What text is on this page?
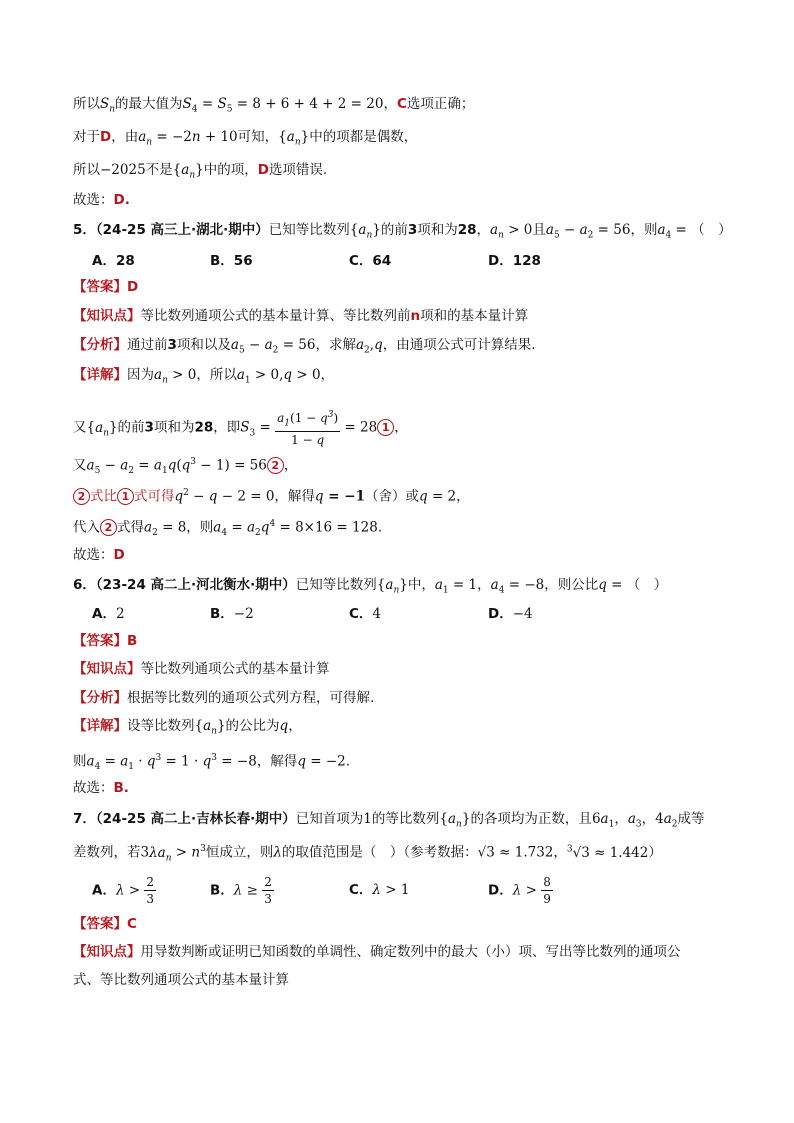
所以$S_n$的最大值为$S_4 = S_5 = 8 + 6 + 4 + 2 = 20$，C选项正确；
对于D，由$a_n = -2n + 10$可知，$\{a_n\}$中的项都是偶数，
所以−2025不是$\{a_n\}$中的项，D选项错误.
故选：D.
5．（24-25 高三上·湖北·期中）已知等比数列$\{a_n\}$的前3项和为28，$a_n > 0$且$a_5 - a_2 = 56$，则$a_4$ = （　）
A．28	B．56	C．64	D．128
【答案】D
【知识点】等比数列通项公式的基本量计算、等比数列前n项和的基本量计算
【分析】通过前3项和以及$a_5 - a_2 = 56$，求解$a_2,q$，由通项公式可计算结果.
【详解】因为$a_n > 0$，所以$a_1 > 0,q > 0$，
又$\{a_n\}$的前3项和为28，即$S_3 = \frac{a_1(1 - q^3)}{1 - q} = 28$ 1 ，
又$a_5 - a_2 = a_1q(q^3 - 1) = 56$ 2 ，
2 式比 1 式可得$q^2 - q - 2 = 0$，解得q = −1（舍）或q = 2，
代入 2 式得$a_2 = 8$，则$a_4 = a_2q^4 = 8\times 16 = 128$.
故选：D
6．（23-24 高二上·河北衡水·期中）已知等比数列$\{a_n\}$中，$a_1 = 1$，$a_4 = -8$，则公比q = （　）
A．2	B．−2	C．4	D．−4
【答案】B
【知识点】等比数列通项公式的基本量计算
【分析】根据等比数列的通项公式列方程，可得解.
【详解】设等比数列$\{a_n\}$的公比为q，
则$a_4 = a_1 \cdot q^3 = 1 \cdot q^3 = -8$，解得q = −2.
故选：B.
7．（24-25 高二上·吉林长春·期中）已知首项为1的等比数列$\{a_n\}$的各项均为正数，且$6a_1$，$a_3$，$4a_2$成等
差数列，若$3\lambda a_n > n^3$恒成立，则λ的取值范围是（　）（参考数据：√3 ≈ 1.732，$^3$√3 ≈ 1.442）
A．$\lambda > \frac{2}{3}$	B．$\lambda \ge \frac{2}{3}$	C．λ > 1	D．$\lambda > \frac{8}{9}$
【答案】C
【知识点】用导数判断或证明已知函数的单调性、确定数列中的最大（小）项、写出等比数列的通项公
式、等比数列通项公式的基本量计算
